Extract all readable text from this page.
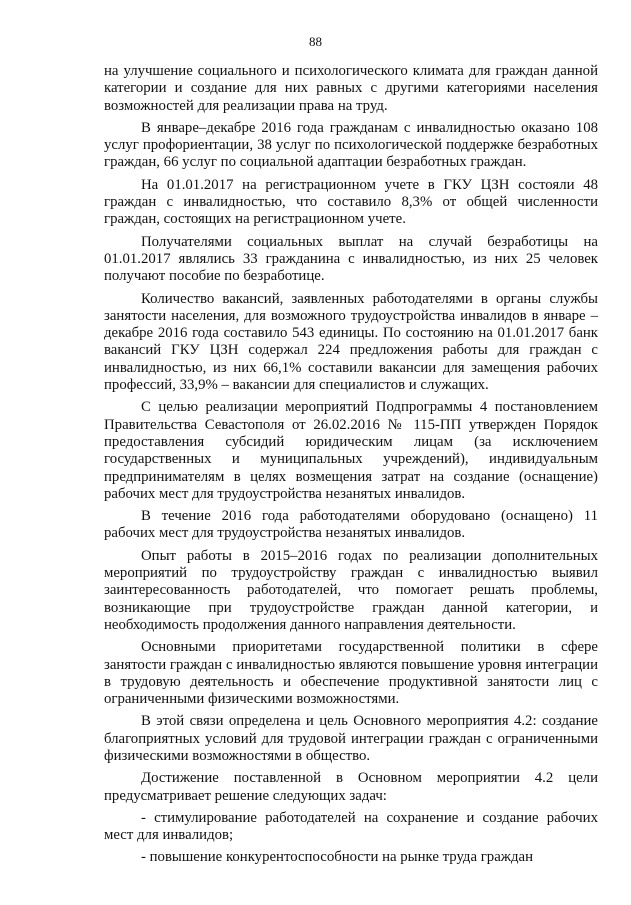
88

на улучшение социального и психологического климата для граждан данной категории и создание для них равных с другими категориями населения возможностей для реализации права на труд.

В январе–декабре 2016 года гражданам с инвалидностью оказано 108 услуг профориентации, 38 услуг по психологической поддержке безработных граждан, 66 услуг по социальной адаптации безработных граждан.

На 01.01.2017 на регистрационном учете в ГКУ ЦЗН состояли 48 граждан с инвалидностью, что составило 8,3% от общей численности граждан, состоящих на регистрационном учете.

Получателями социальных выплат на случай безработицы на 01.01.2017 являлись 33 гражданина с инвалидностью, из них 25 человек получают пособие по безработице.

Количество вакансий, заявленных работодателями в органы службы занятости населения, для возможного трудоустройства инвалидов в январе – декабре 2016 года составило 543 единицы. По состоянию на 01.01.2017 банк вакансий ГКУ ЦЗН содержал 224 предложения работы для граждан с инвалидностью, из них 66,1% составили вакансии для замещения рабочих профессий, 33,9% – вакансии для специалистов и служащих.

С целью реализации мероприятий Подпрограммы 4 постановлением Правительства Севастополя от 26.02.2016 № 115-ПП утвержден Порядок предоставления субсидий юридическим лицам (за исключением государственных и муниципальных учреждений), индивидуальным предпринимателям в целях возмещения затрат на создание (оснащение) рабочих мест для трудоустройства незанятых инвалидов.

В течение 2016 года работодателями оборудовано (оснащено) 11 рабочих мест для трудоустройства незанятых инвалидов.

Опыт работы в 2015–2016 годах по реализации дополнительных мероприятий по трудоустройству граждан с инвалидностью выявил заинтересованность работодателей, что помогает решать проблемы, возникающие при трудоустройстве граждан данной категории, и необходимость продолжения данного направления деятельности.

Основными приоритетами государственной политики в сфере занятости граждан с инвалидностью являются повышение уровня интеграции в трудовую деятельность и обеспечение продуктивной занятости лиц с ограниченными физическими возможностями.

В этой связи определена и цель Основного мероприятия 4.2: создание благоприятных условий для трудовой интеграции граждан с ограниченными физическими возможностями в общество.

Достижение поставленной в Основном мероприятии 4.2 цели предусматривает решение следующих задач:

- стимулирование работодателей на сохранение и создание рабочих мест для инвалидов;

- повышение конкурентоспособности на рынке труда граждан
